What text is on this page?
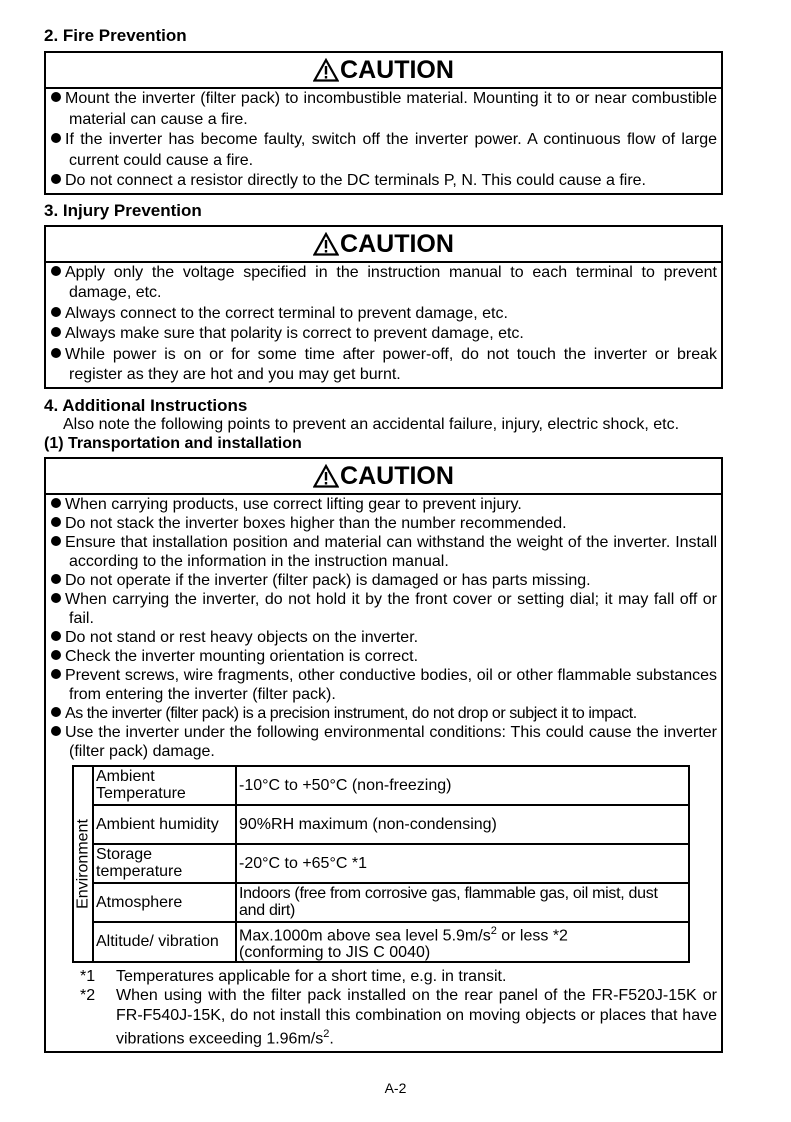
2. Fire Prevention
CAUTION
Mount the inverter (filter pack) to incombustible material. Mounting it to or near combustible material can cause a fire.
If the inverter has become faulty, switch off the inverter power. A continuous flow of large current could cause a fire.
Do not connect a resistor directly to the DC terminals P, N. This could cause a fire.
3. Injury Prevention
CAUTION
Apply only the voltage specified in the instruction manual to each terminal to prevent damage, etc.
Always connect to the correct terminal to prevent damage, etc.
Always make sure that polarity is correct to prevent damage, etc.
While power is on or for some time after power-off, do not touch the inverter or break register as they are hot and you may get burnt.
4. Additional Instructions

Also note the following points to prevent an accidental failure, injury, electric shock, etc.

(1) Transportation and installation
CAUTION
When carrying products, use correct lifting gear to prevent injury.
Do not stack the inverter boxes higher than the number recommended.
Ensure that installation position and material can withstand the weight of the inverter. Install according to the information in the instruction manual.
Do not operate if the inverter (filter pack) is damaged or has parts missing.
When carrying the inverter, do not hold it by the front cover or setting dial; it may fall off or fail.
Do not stand or rest heavy objects on the inverter.
Check the inverter mounting orientation is correct.
Prevent screws, wire fragments, other conductive bodies, oil or other flammable substances from entering the inverter (filter pack).
As the inverter (filter pack) is a precision instrument, do not drop or subject it to impact.
Use the inverter under the following environmental conditions: This could cause the inverter (filter pack) damage.
Environment	Ambient Temperature	-10°C to +50°C (non-freezing)
	Ambient humidity	90%RH maximum (non-condensing)
	Storage temperature	-20°C to +65°C *1
	Atmosphere	Indoors (free from corrosive gas, flammable gas, oil mist, dust and dirt)
	Altitude/ vibration	Max.1000m above sea level $5.9m/s^2$ or less *2
(conforming to JIS C 0040)
*1	Temperatures applicable for a short time, e.g. in transit.
*2	When using with the filter pack installed on the rear panel of the FR-F520J-15K or FR-F540J-15K, do not install this combination on moving objects or places that have vibrations exceeding $1.96m/s^2$.
A-2
